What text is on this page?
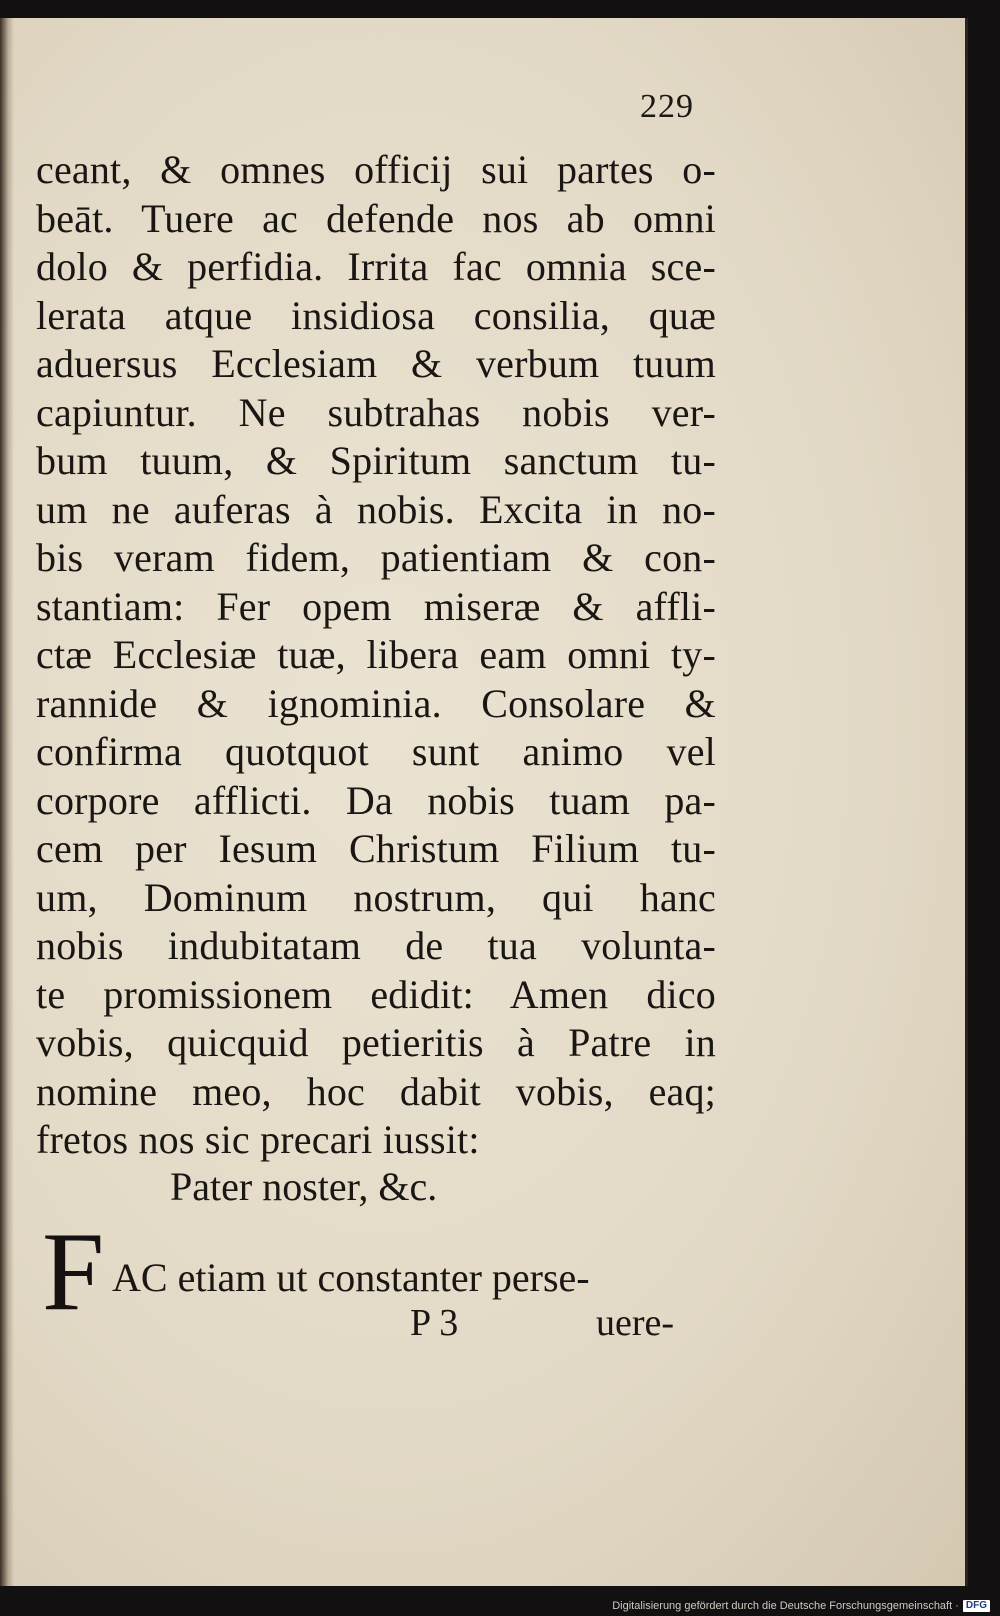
229
ceant, & omnes officij sui partes o-
beāt. Tuere ac defende nos ab omni
dolo & perfidia. Irrita fac omnia sce-
lerata atque insidiosa consilia, quæ
aduersus Ecclesiam & verbum tuum
capiuntur. Ne subtrahas nobis ver-
bum tuum, & Spiritum sanctum tu-
um ne auferas à nobis. Excita in no-
bis veram fidem, patientiam & con-
stantiam: Fer opem miseræ & affli-
ctæ Ecclesiæ tuæ, libera eam omni ty-
rannide & ignominia. Consolare &
confirma quotquot sunt animo vel
corpore afflicti. Da nobis tuam pa-
cem per Iesum Christum Filium tu-
um, Dominum nostrum, qui hanc
nobis indubitatam de tua volunta-
te promissionem edidit: Amen dico
vobis, quicquid petieritis à Patre in
nomine meo, hoc dabit vobis, eaq;
fretos nos sic precari iussit:
Pater noster, &c.
F AC etiam ut constanter perse-
P 3	uere-
Digitalisierung gefördert durch die Deutsche Forschungsgemeinschaft · DFG
